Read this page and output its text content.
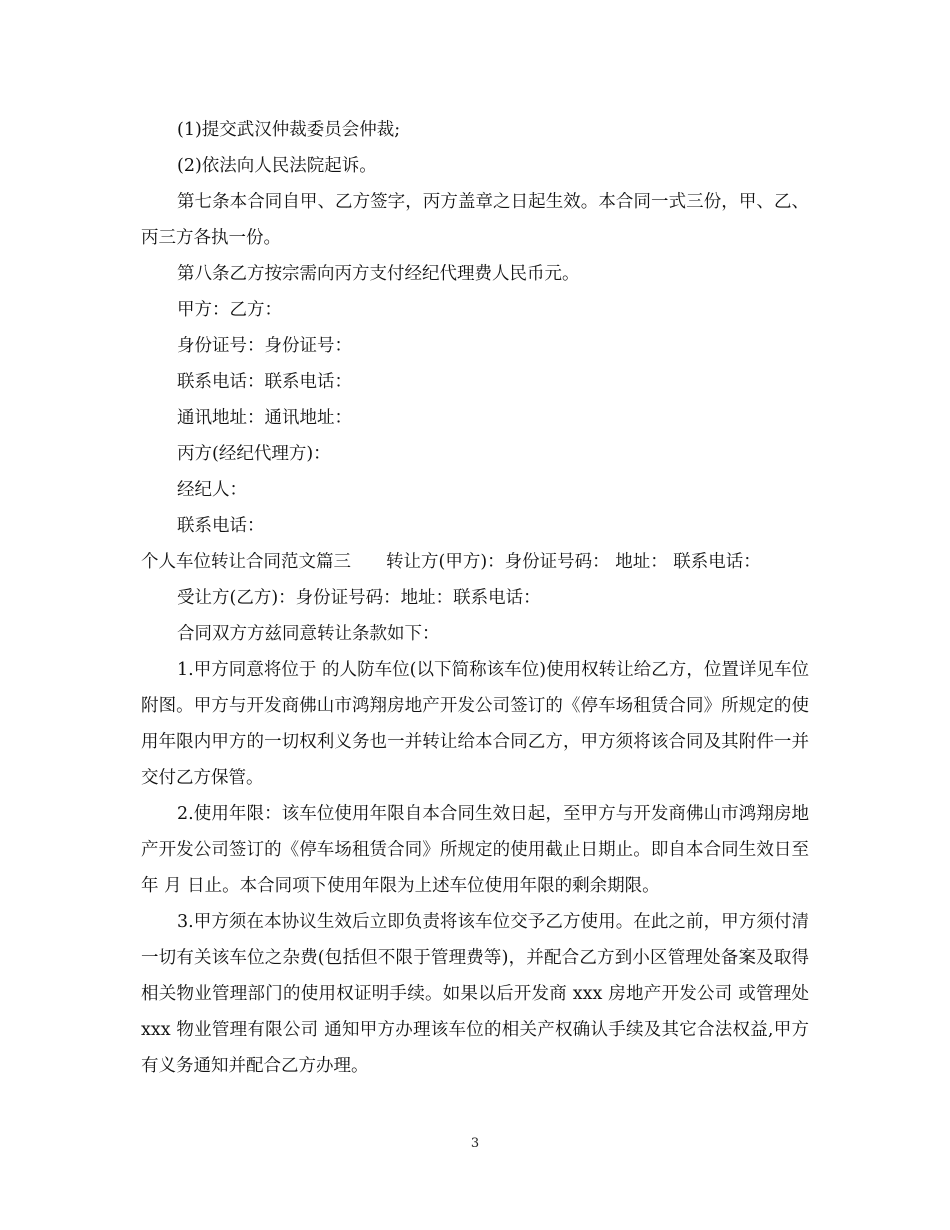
(1)提交武汉仲裁委员会仲裁;

(2)依法向人民法院起诉。

第七条本合同自甲、乙方签字，丙方盖章之日起生效。本合同一式三份，甲、乙、丙三方各执一份。

第八条乙方按宗需向丙方支付经纪代理费人民币元。

甲方：乙方：

身份证号：身份证号：

联系电话：联系电话：

通讯地址：通讯地址：

丙方(经纪代理方)：

经纪人：

联系电话：

个人车位转让合同范文篇三　　转让方(甲方)：身份证号码： 地址： 联系电话：

受让方(乙方)：身份证号码：地址：联系电话：

合同双方方兹同意转让条款如下：

1.甲方同意将位于 的人防车位(以下简称该车位)使用权转让给乙方，位置详见车位附图。甲方与开发商佛山市鸿翔房地产开发公司签订的《停车场租赁合同》所规定的使用年限内甲方的一切权利义务也一并转让给本合同乙方，甲方须将该合同及其附件一并交付乙方保管。

2.使用年限：该车位使用年限自本合同生效日起，至甲方与开发商佛山市鸿翔房地产开发公司签订的《停车场租赁合同》所规定的使用截止日期止。即自本合同生效日至 年 月 日止。本合同项下使用年限为上述车位使用年限的剩余期限。

3.甲方须在本协议生效后立即负责将该车位交予乙方使用。在此之前，甲方须付清一切有关该车位之杂费(包括但不限于管理费等)，并配合乙方到小区管理处备案及取得相关物业管理部门的使用权证明手续。如果以后开发商 xxx 房地产开发公司 或管理处 xxx 物业管理有限公司 通知甲方办理该车位的相关产权确认手续及其它合法权益,甲方有义务通知并配合乙方办理。

3
